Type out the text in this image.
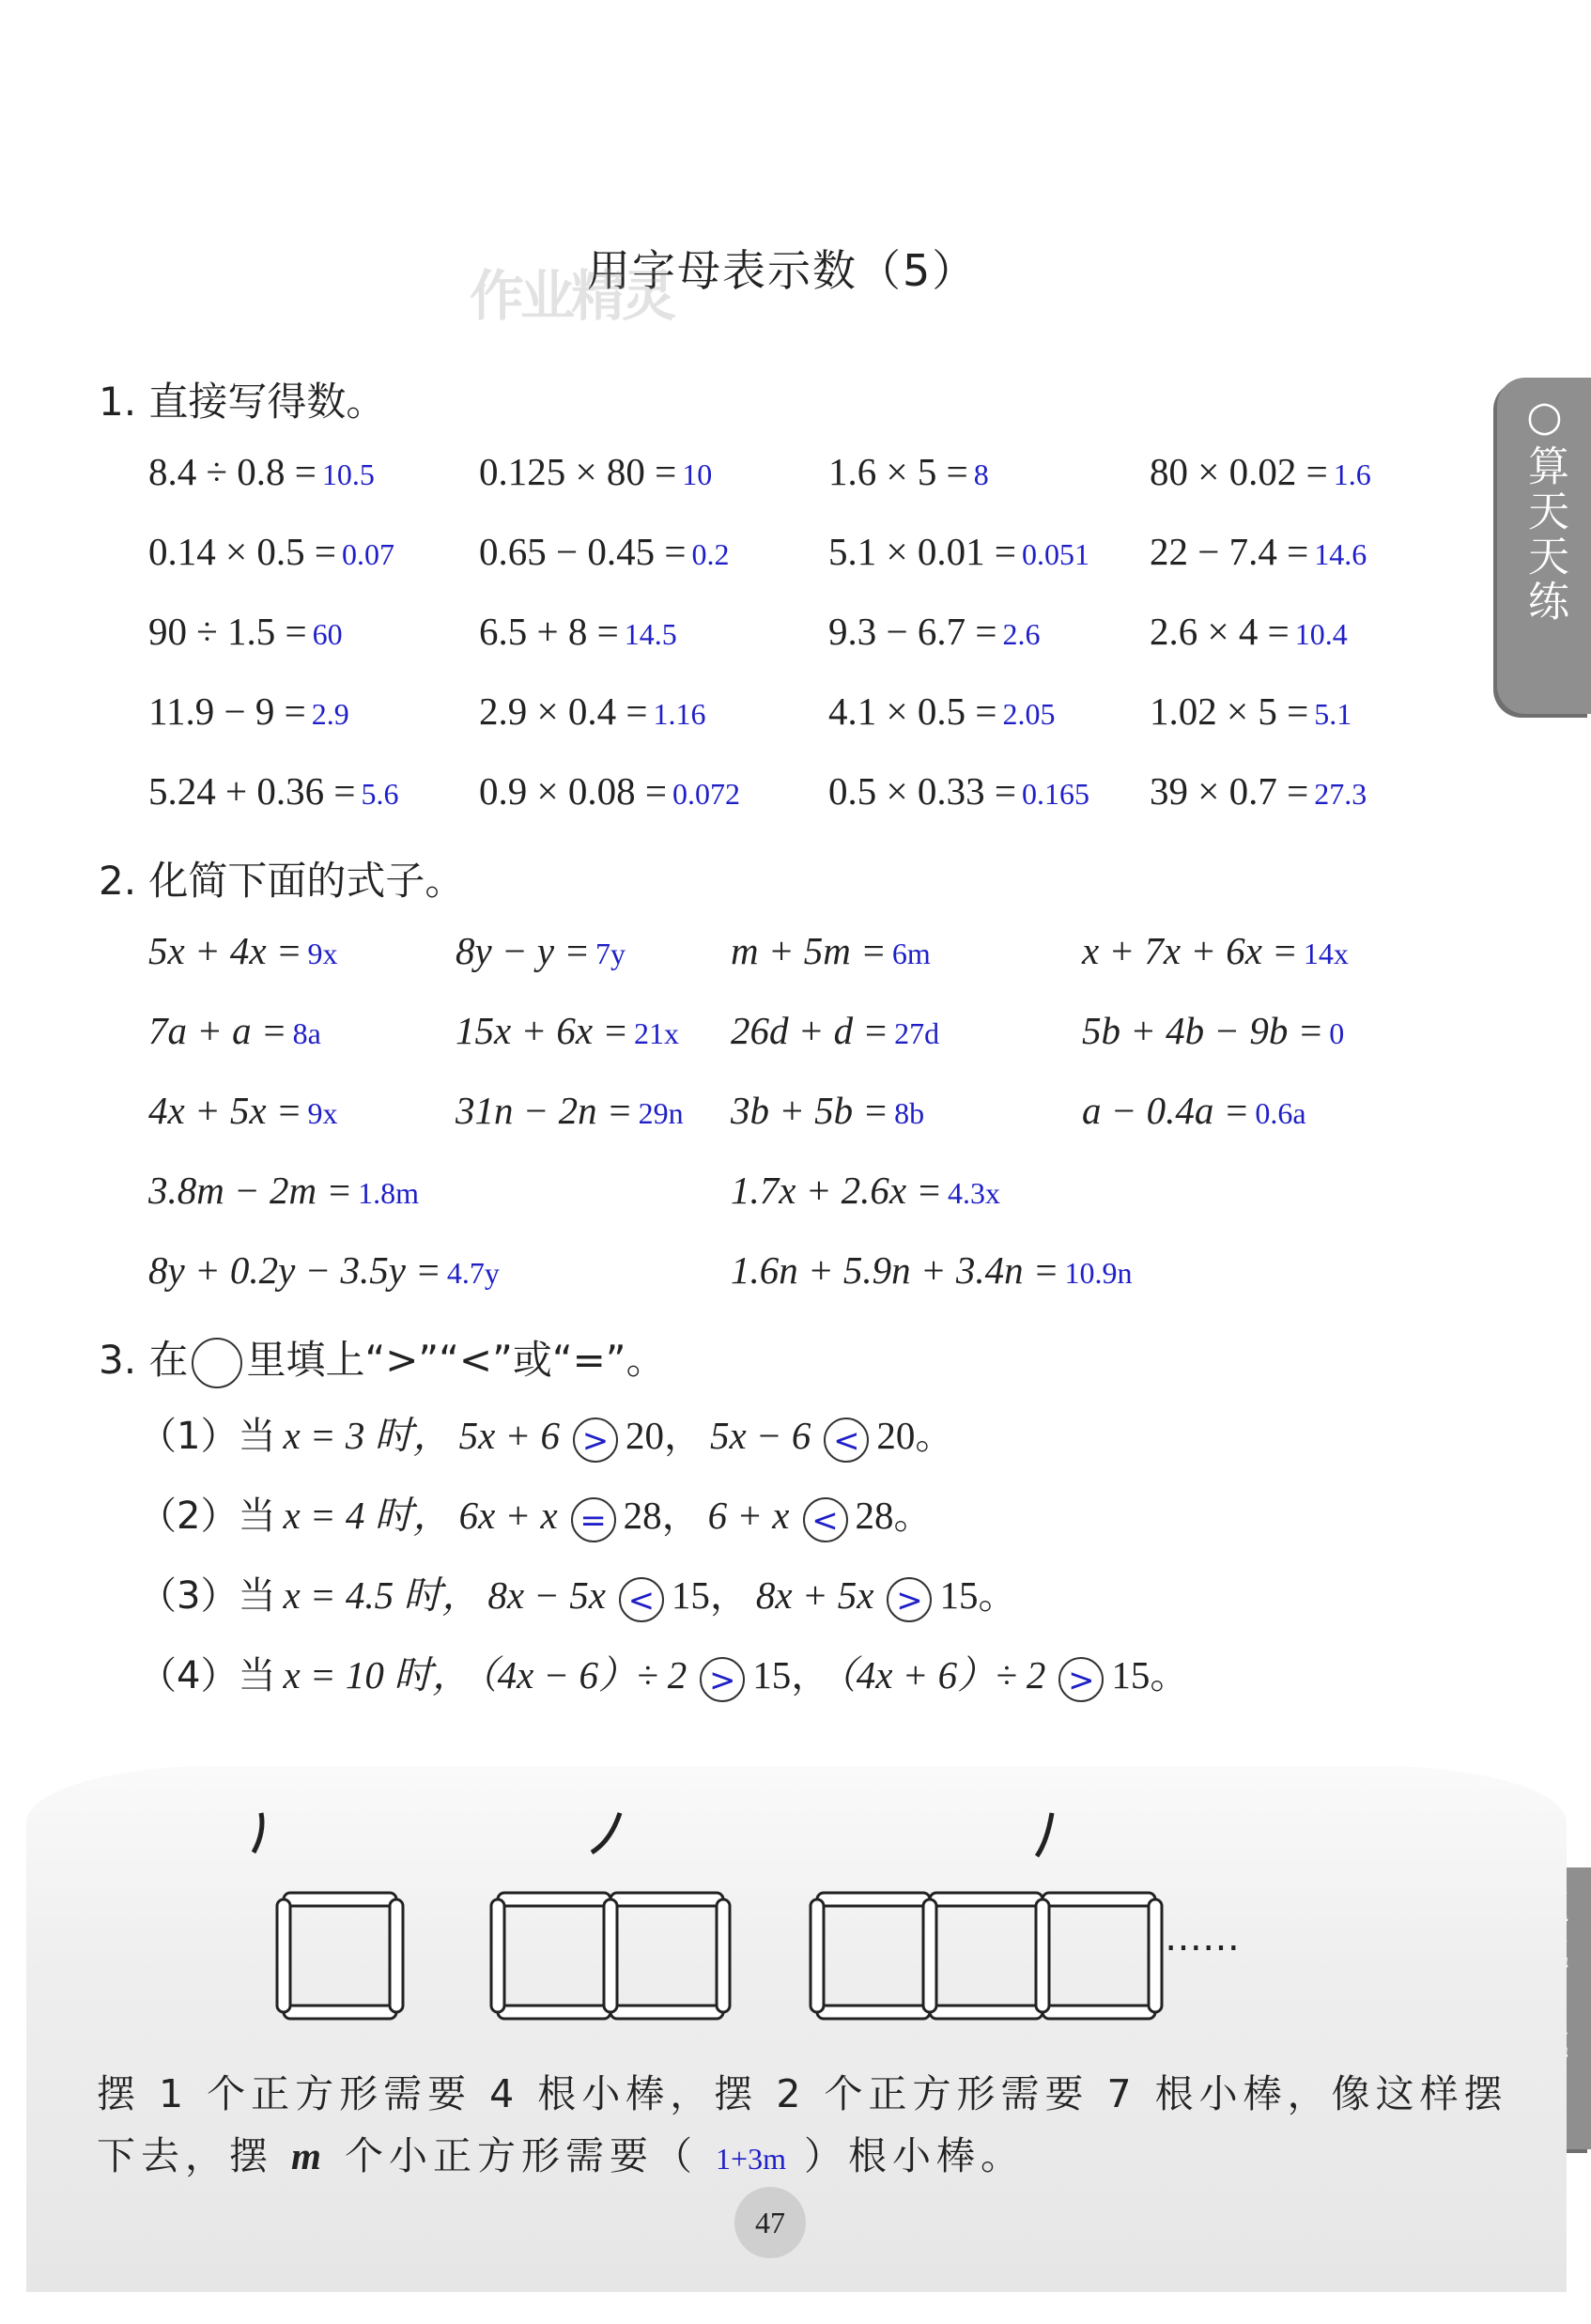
用字母表示数（5）
作业精灵
○算天天练
1. 直接写得数。
8.4 ÷ 0.8 = 10.5	0.125 × 80 = 10	1.6 × 5 = 8	80 × 0.02 = 1.6
0.14 × 0.5 = 0.07 0.65 − 0.45 = 0.2	5.1 × 0.01 = 0.051 22 − 7.4 = 14.6
90 ÷ 1.5 = 60	6.5 + 8 = 14.5	9.3 − 6.7 = 2.6	2.6 × 4 = 10.4
11.9 − 9 = 2.9	2.9 × 0.4 = 1.16	4.1 × 0.5 = 2.05 1.02 × 5 = 5.1
5.24 + 0.36 = 5.6 0.9 × 0.08 = 0.072 0.5 × 0.33 = 0.165 39 × 0.7 = 27.3
2. 化简下面的式子。
5x + 4x = 9x	8y − y = 7y	m + 5m = 6m	x + 7x + 6x = 14x
7a + a = 8a	15x + 6x = 21x 26d + d = 27d	5b + 4b − 9b = 0
4x + 5x = 9x	31n − 2n = 29n 3b + 5b = 8b	a − 0.4a = 0.6a
3.8m − 2m = 1.8m	1.7x + 2.6x = 4.3x
8y + 0.2y − 3.5y = 4.7y	1.6n + 5.9n + 3.4n = 10.9n
3. 在 里填上“>”“<”或“=”。
（1）当 x = 3 时， 5x + 6 > 20， 5x − 6 < 20。
（2）当 x = 4 时， 6x + x = 28， 6 + x < 28。
（3）当 x = 4.5 时， 8x − 5x < 15， 8x + 5x > 15。
（4）当 x = 10 时， （4x − 6）÷ 2 > 15， （4x + 6）÷ 2 > 15。
……
摆 1 个正方形需要 4 根小棒，摆 2 个正方形需要 7 根小棒，像这样摆
下去，摆 m 个小正方形需要（ 1+3m ）根小棒。
47
